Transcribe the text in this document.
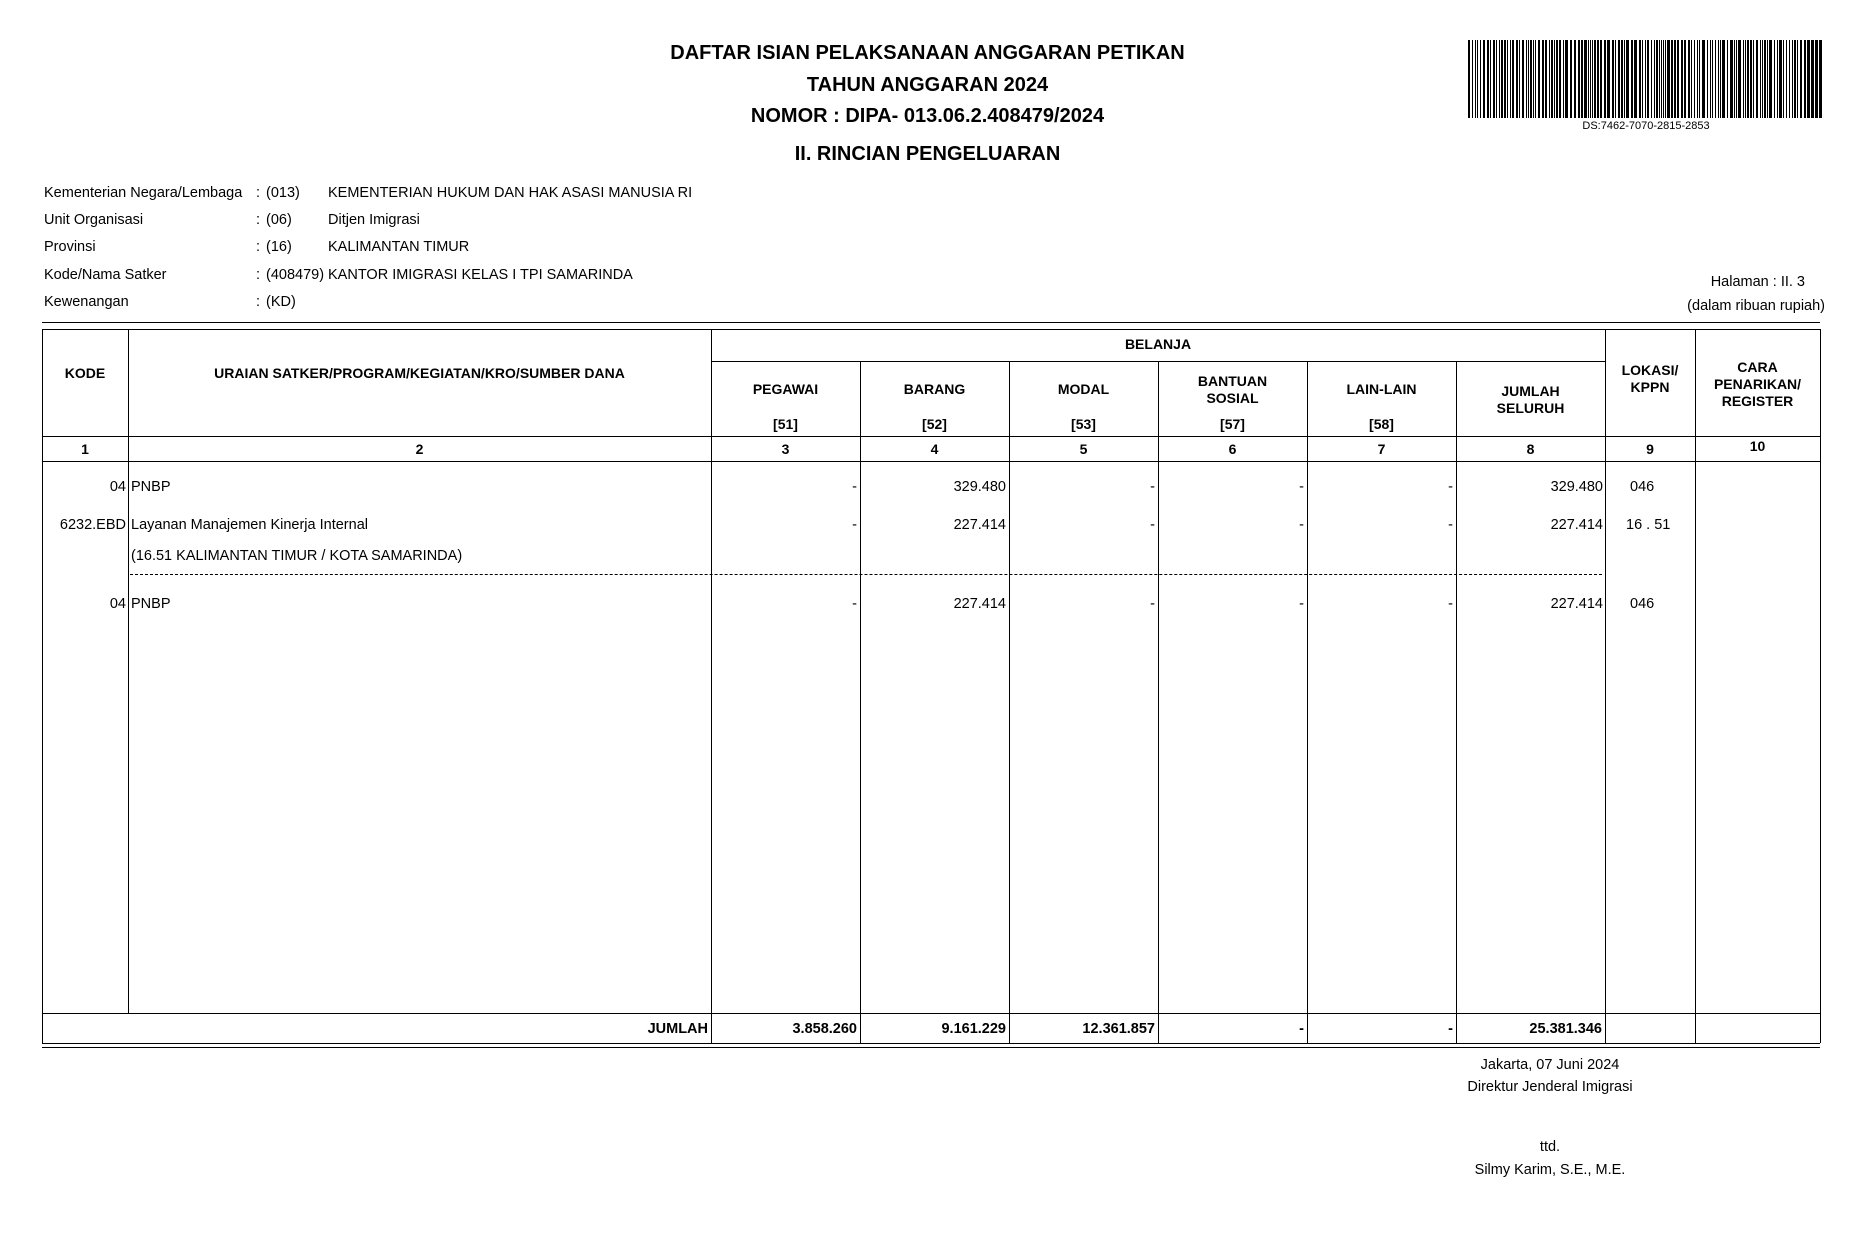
DAFTAR ISIAN PELAKSANAAN ANGGARAN PETIKAN
TAHUN ANGGARAN 2024
NOMOR : DIPA- 013.06.2.408479/2024
II. RINCIAN PENGELUARAN
DS:7462-7070-2815-2853
Kementerian Negara/Lembaga : (013) KEMENTERIAN HUKUM DAN HAK ASASI MANUSIA RI
Unit Organisasi	: (06) Ditjen Imigrasi
Provinsi	: (16) KALIMANTAN TIMUR
Kode/Nama Satker	: (408479) KANTOR IMIGRASI KELAS I TPI SAMARINDA
Kewenangan	: (KD)
Halaman : II. 3
(dalam ribuan rupiah)
KODE	URAIAN SATKER/PROGRAM/KEGIATAN/KRO/SUMBER DANA
BELANJA
PEGAWAI
[51]
BARANG
[52]
MODAL
[53]
BANTUAN
SOSIAL
[57]
LAIN-LAIN
[58]
JUMLAH
SELURUH
LOKASI/
KPPN
CARA
PENARIKAN/
REGISTER
1	2	3	4	5	6	7	8	9	10
04 PNBP	-	329.480	-	-	-	329.480 046
6232.EBD Layanan Manajemen Kinerja Internal	-	227.414	-	-	-	227.414 16 . 51
(16.51 KALIMANTAN TIMUR / KOTA SAMARINDA)
04 PNBP	-	227.414	-	-	-	227.414 046
JUMLAH	3.858.260	9.161.229	12.361.857	-	-	25.381.346
Jakarta, 07 Juni 2024
Direktur Jenderal Imigrasi
ttd.
Silmy Karim, S.E., M.E.
